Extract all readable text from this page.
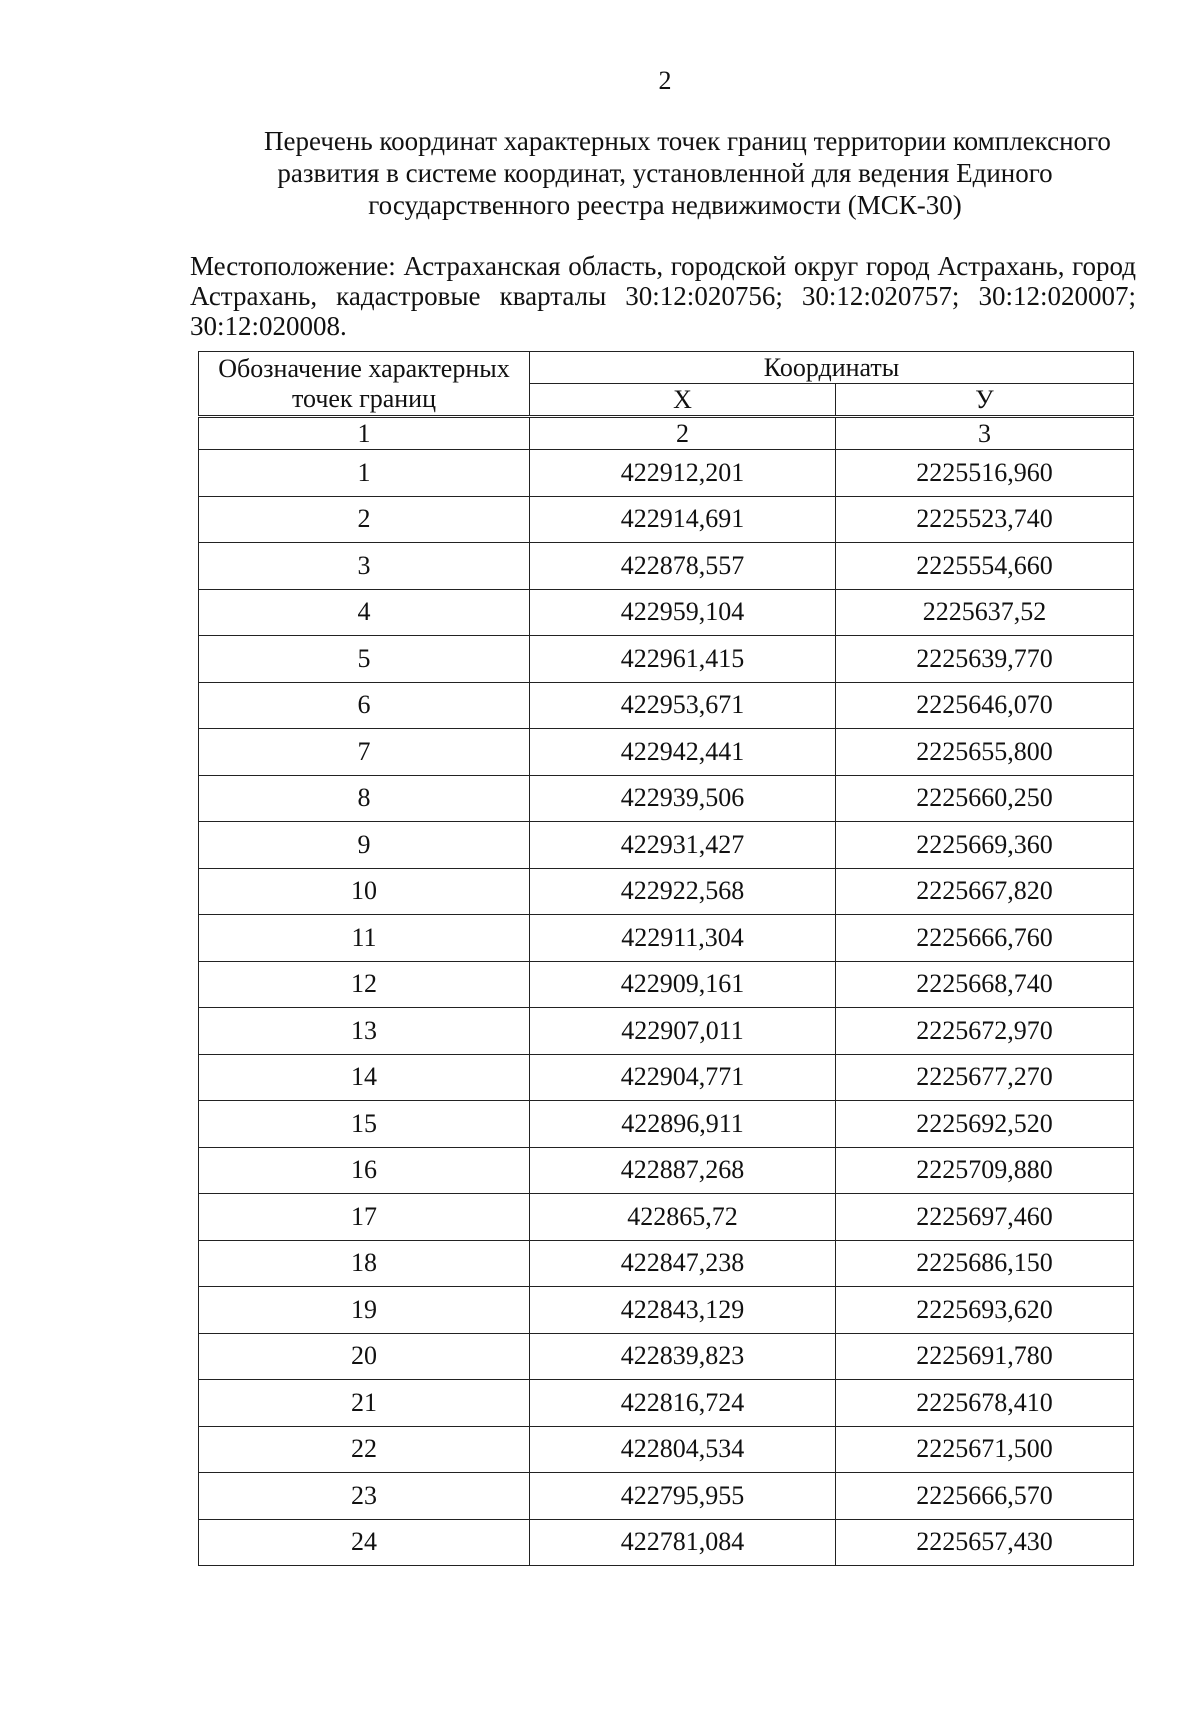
2
Перечень координат характерных точек границ территории комплексного развития в системе координат, установленной для ведения Единого государственного реестра недвижимости (МСК-30)
Местоположение: Астраханская область, городской округ город Астрахань, город Астрахань, кадастровые кварталы 30:12:020756; 30:12:020757; 30:12:020007; 30:12:020008.
Обозначение характерных точек границ	Координаты	
	X	У
1	2	3
1	422912,201	2225516,960
2	422914,691	2225523,740
3	422878,557	2225554,660
4	422959,104	2225637,52
5	422961,415	2225639,770
6	422953,671	2225646,070
7	422942,441	2225655,800
8	422939,506	2225660,250
9	422931,427	2225669,360
10	422922,568	2225667,820
11	422911,304	2225666,760
12	422909,161	2225668,740
13	422907,011	2225672,970
14	422904,771	2225677,270
15	422896,911	2225692,520
16	422887,268	2225709,880
17	422865,72	2225697,460
18	422847,238	2225686,150
19	422843,129	2225693,620
20	422839,823	2225691,780
21	422816,724	2225678,410
22	422804,534	2225671,500
23	422795,955	2225666,570
24	422781,084	2225657,430
